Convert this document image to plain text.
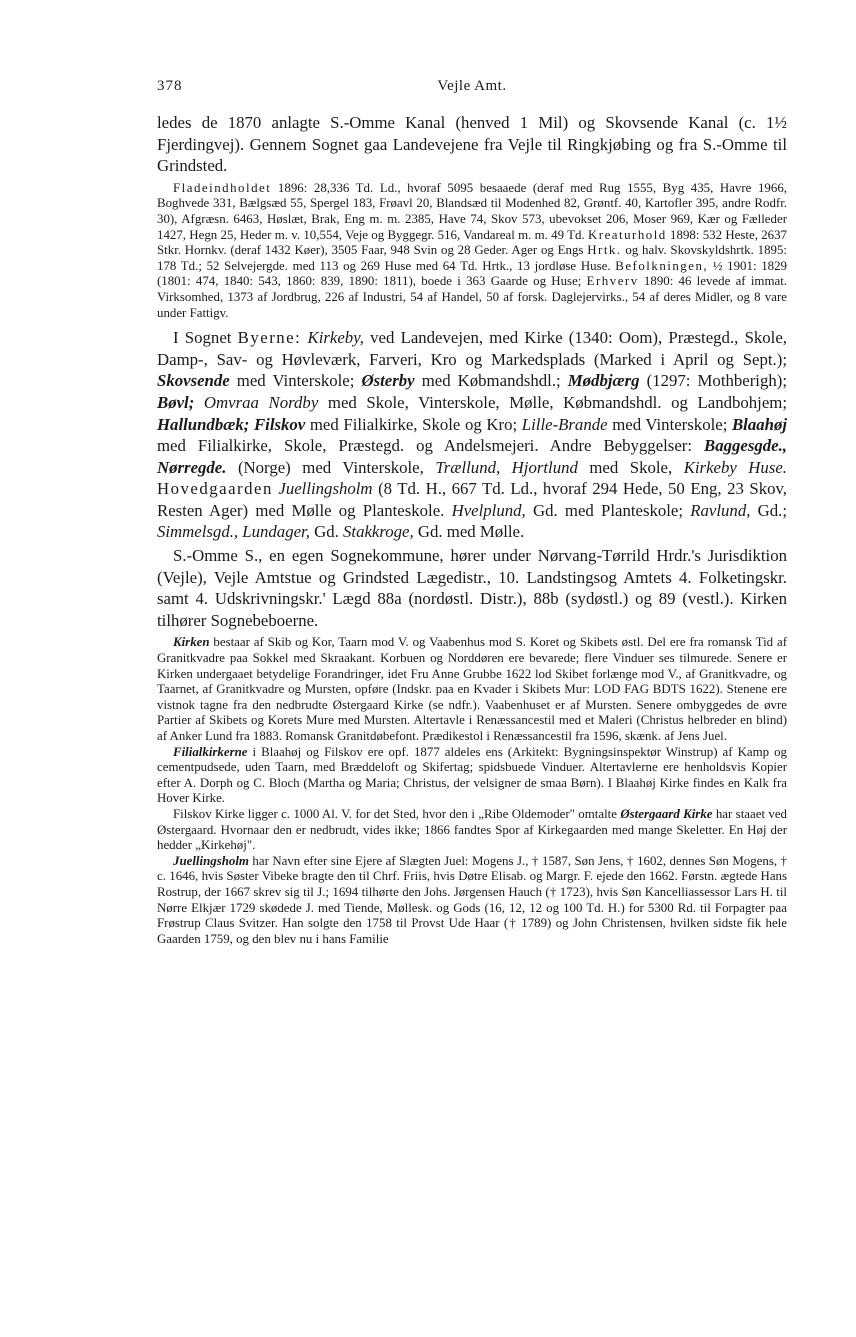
378	Vejle Amt.

ledes de 1870 anlagte S.-Omme Kanal (henved 1 Mil) og Skovsende Kanal (c. 1½ Fjerdingvej). Gennem Sognet gaa Landevejene fra Vejle til Ringkjøbing og fra S.-Omme til Grindsted.

Fladeindholdet 1896: 28,336 Td. Ld., hvoraf 5095 besaaede (deraf med Rug 1555, Byg 435, Havre 1966, Boghvede 331, Bælgsæd 55, Spergel 183, Frøavl 20, Blandsæd til Modenhed 82, Grøntf. 40, Kartofler 395, andre Rodfr. 30), Afgræsn. 6463, Høslæt, Brak, Eng m. m. 2385, Have 74, Skov 573, ubevokset 206, Moser 969, Kær og Fælleder 1427, Hegn 25, Heder m. v. 10,554, Veje og Byggegr. 516, Vandareal m. m. 49 Td. Kreaturhold 1898: 532 Heste, 2637 Stkr. Hornkv. (deraf 1432 Køer), 3505 Faar, 948 Svin og 28 Geder. Ager og Engs Hrtk. og halv. Skovskyldshrtk. 1895: 178 Td.; 52 Selvejergde. med 113 og 269 Huse med 64 Td. Hrtk., 13 jordløse Huse. Befolkningen, ½ 1901: 1829 (1801: 474, 1840: 543, 1860: 839, 1890: 1811), boede i 363 Gaarde og Huse; Erhverv 1890: 46 levede af immat. Virksomhed, 1373 af Jordbrug, 226 af Industri, 54 af Handel, 50 af forsk. Daglejervirks., 54 af deres Midler, og 8 vare under Fattigv.

I Sognet Byerne: Kirkeby, ved Landevejen, med Kirke (1340: Oom), Præstegd., Skole, Damp-, Sav- og Høvleværk, Farveri, Kro og Markedsplads (Marked i April og Sept.); Skovsende med Vinterskole; Østerby med Købmandshdl.; Mødbjærg (1297: Mothberigh); Bøvl; Omvraa Nordby med Skole, Vinterskole, Mølle, Købmandshdl. og Landbohjem; Hallundbæk; Filskov med Filialkirke, Skole og Kro; Lille-Brande med Vinterskole; Blaahøj med Filialkirke, Skole, Præstegd. og Andelsmejeri. Andre Bebyggelser: Baggesgde., Nørregde. (Norge) med Vinterskole, Trællund, Hjortlund med Skole, Kirkeby Huse. Hovedgaarden Juellingsholm (8 Td. H., 667 Td. Ld., hvoraf 294 Hede, 50 Eng, 23 Skov, Resten Ager) med Mølle og Planteskole. Hvelplund, Gd. med Planteskole; Ravlund, Gd.; Simmelsgd., Lundager, Gd. Stakkroge, Gd. med Mølle.

S.-Omme S., en egen Sognekommune, hører under Nørvang-Tørrild Hrdr.'s Jurisdiktion (Vejle), Vejle Amtstue og Grindsted Lægedistr., 10. Landstingsog Amtets 4. Folketingskr. samt 4. Udskrivningskr.' Lægd 88a (nordøstl. Distr.), 88b (sydøstl.) og 89 (vestl.). Kirken tilhører Sognebeboerne.

Kirken bestaar af Skib og Kor, Taarn mod V. og Vaabenhus mod S. Koret og Skibets østl. Del ere fra romansk Tid af Granitkvadre paa Sokkel med Skraakant. Korbuen og Norddøren ere bevarede; flere Vinduer ses tilmurede. Senere er Kirken undergaaet betydelige Forandringer, idet Fru Anne Grubbe 1622 lod Skibet forlænge mod V., af Granitkvadre, og Taarnet, af Granitkvadre og Mursten, opføre (Indskr. paa en Kvader i Skibets Mur: LOD FAG BDTS 1622). Stenene ere vistnok tagne fra den nedbrudte Østergaard Kirke (se ndfr.). Vaabenhuset er af Mursten. Senere ombyggedes de øvre Partier af Skibets og Korets Mure med Mursten. Altertavle i Renæssancestil med et Maleri (Christus helbreder en blind) af Anker Lund fra 1883. Romansk Granitdøbefont. Prædikestol i Renæssancestil fra 1596, skænk. af Jens Juel.

Filialkirkerne i Blaahøj og Filskov ere opf. 1877 aldeles ens (Arkitekt: Bygningsinspektør Winstrup) af Kamp og cementpudsede, uden Taarn, med Bræddeloft og Skifertag; spidsbuede Vinduer. Altertavlerne ere henholdsvis Kopier efter A. Dorph og C. Bloch (Martha og Maria; Christus, der velsigner de smaa Børn). I Blaahøj Kirke findes en Kalk fra Hover Kirke.

Filskov Kirke ligger c. 1000 Al. V. for det Sted, hvor den i „Ribe Oldemoder" omtalte Østergaard Kirke har staaet ved Østergaard. Hvornaar den er nedbrudt, vides ikke; 1866 fandtes Spor af Kirkegaarden med mange Skeletter. En Høj der hedder „Kirkehøj".

Juellingsholm har Navn efter sine Ejere af Slægten Juel: Mogens J., † 1587, Søn Jens, † 1602, dennes Søn Mogens, † c. 1646, hvis Søster Vibeke bragte den til Chrf. Friis, hvis Døtre Elisab. og Margr. F. ejede den 1662. Førstn. ægtede Hans Rostrup, der 1667 skrev sig til J.; 1694 tilhørte den Johs. Jørgensen Hauch († 1723), hvis Søn Kancelliassessor Lars H. til Nørre Elkjær 1729 skødede J. med Tiende, Møllesk. og Gods (16, 12, 12 og 100 Td. H.) for 5300 Rd. til Forpagter paa Frøstrup Claus Svitzer. Han solgte den 1758 til Provst Ude Haar († 1789) og John Christensen, hvilken sidste fik hele Gaarden 1759, og den blev nu i hans Familie
